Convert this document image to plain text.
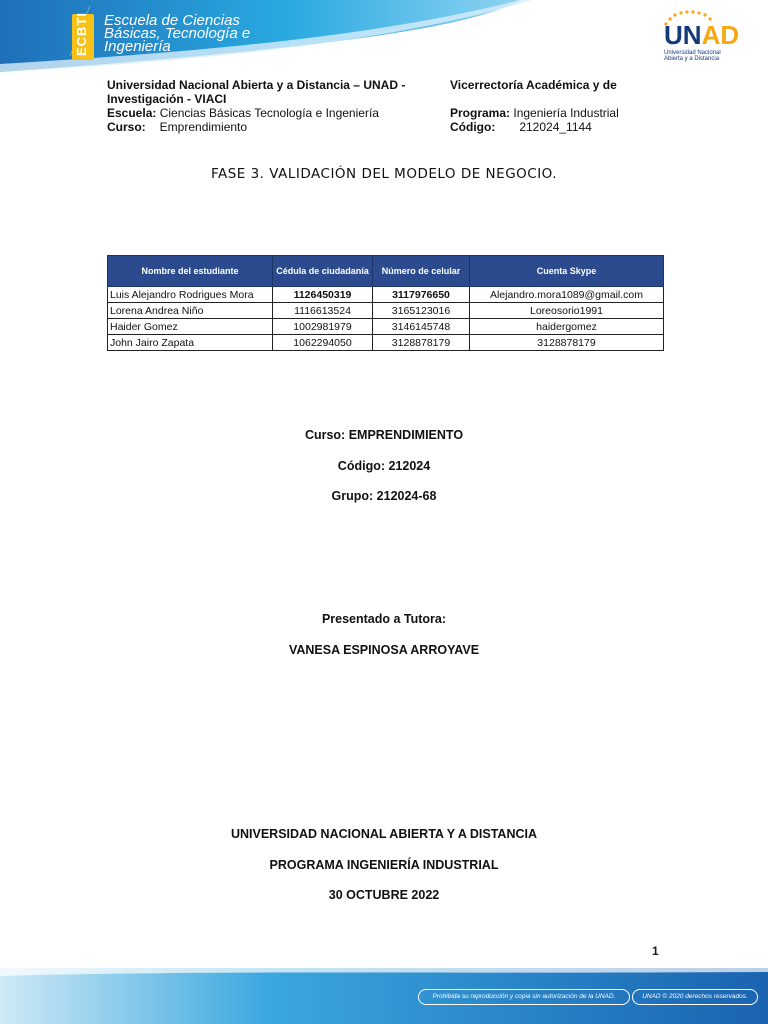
ECBTI Escuela de Ciencias
Básicas, Tecnología e
Ingeniería	UNAD
Universidad Nacional
Abierta y a Distancia
Universidad Nacional Abierta y a Distancia – UNAD -	Vicerrectoría Académica y de
Investigación - VIACI
Escuela: Ciencias Básicas Tecnología e Ingeniería	Programa: Ingeniería Industrial
Curso: Emprendimiento	Código: 212024_1144
FASE 3. VALIDACIÓN DEL MODELO DE NEGOCIO.
Nombre del estudiante	Cédula de ciudadanía	Número de celular	Cuenta Skype
Luis Alejandro Rodrigues Mora	1126450319	3117976650	Alejandro.mora1089@gmail.com
Lorena Andrea Niño	1116613524	3165123016	Loreosorio1991
Haider Gomez	1002981979	3146145748	haidergomez
John Jairo Zapata	1062294050	3128878179	3128878179
Curso: EMPRENDIMIENTO
Código: 212024
Grupo: 212024-68
Presentado a Tutora:
VANESA ESPINOSA ARROYAVE
UNIVERSIDAD NACIONAL ABIERTA Y A DISTANCIA
PROGRAMA INGENIERÍA INDUSTRIAL
30 OCTUBRE 2022
1
Prohibida su reproducción y copia sin autorización de la UNAD.	UNAD © 2020 derechos reservados.
